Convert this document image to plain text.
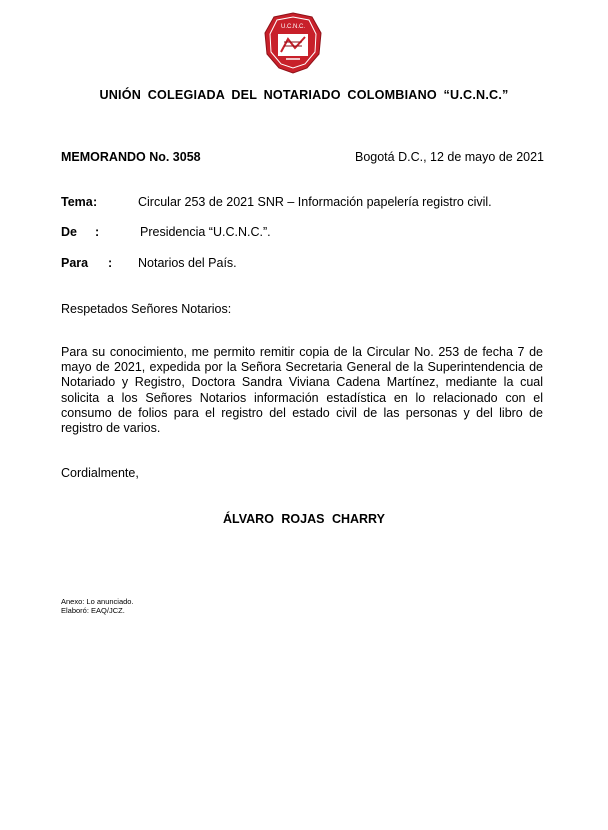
U.C.N.C.
UNIÓN COLEGIADA DEL NOTARIADO COLOMBIANO “U.C.N.C.”
MEMORANDO No. 3058	Bogotá D.C., 12 de mayo de 2021
Tema :	Circular 253 de 2021 SNR – Información papelería registro civil.
De :	Presidencia “U.C.N.C.”.
Para : Notarios del País.
Respetados Señores Notarios:
Para su conocimiento, me permito remitir copia de la Circular No. 253 de fecha 7 de mayo de 2021, expedida por la Señora Secretaria General de la Superintendencia de Notariado y Registro, Doctora Sandra Viviana Cadena Martínez, mediante la cual solicita a los Señores Notarios información estadística en lo relacionado con el consumo de folios para el registro del estado civil de las personas y del libro de registro de varios.
Cordialmente,
ÁLVARO ROJAS CHARRY
Anexo: Lo anunciado.
Elaboró: EAQ/JCZ.
